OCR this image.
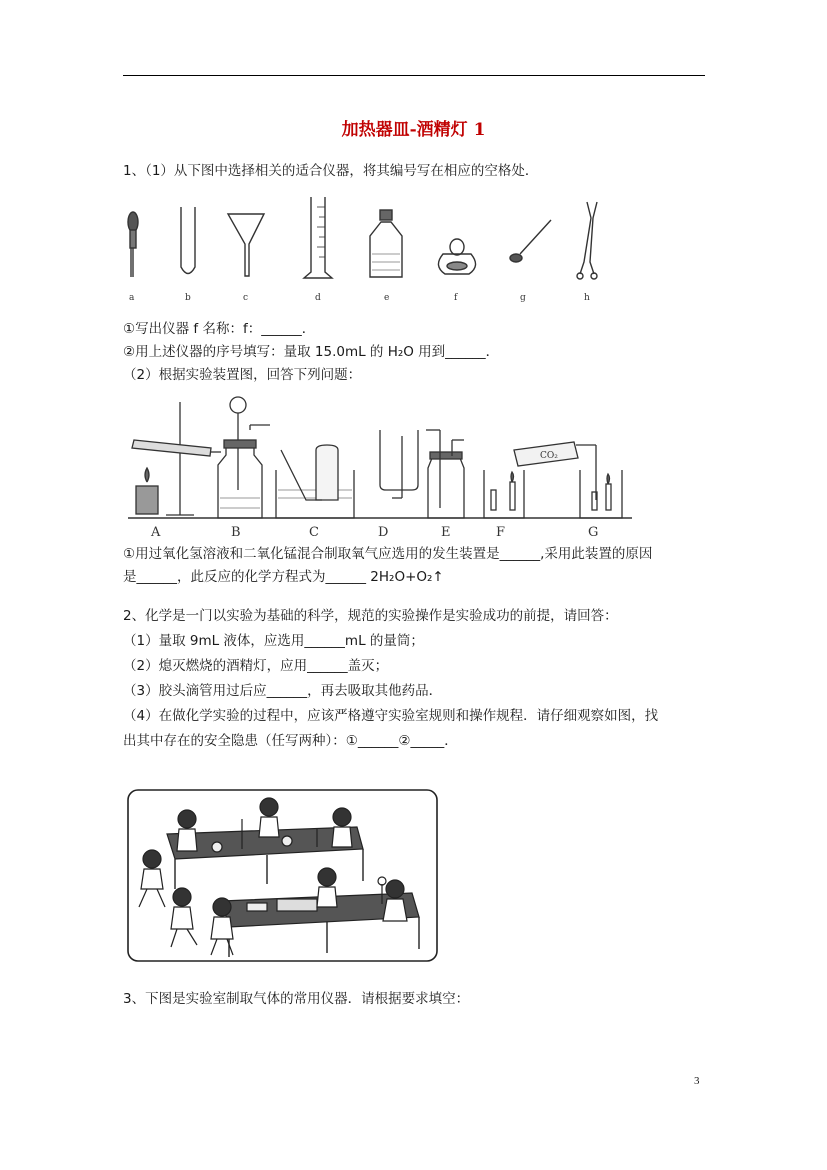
加热器皿-酒精灯 1
1、（1）从下图中选择相关的适合仪器，将其编号写在相应的空格处．
a	b	c	d	e	f	g	h
①写出仪器 f 名称：f：______．
②用上述仪器的序号填写：量取 15.0mL 的 H₂O 用到______．
（2）根据实验装置图，回答下列问题：
CO₂
A	B	C	D	E	F	G
①用过氧化氢溶液和二氧化锰混合制取氧气应选用的发生装置是______,采用此装置的原因
是______，此反应的化学方程式为______ 2H₂O+O₂↑
2、化学是一门以实验为基础的科学，规范的实验操作是实验成功的前提，请回答：
（1）量取 9mL 液体，应选用______mL 的量筒；
（2）熄灭燃烧的酒精灯，应用______盖灭；
（3）胶头滴管用过后应______，再去吸取其他药品．
（4）在做化学实验的过程中，应该严格遵守实验室规则和操作规程．请仔细观察如图，找
出其中存在的安全隐患（任写两种）：①______②_____．
3、下图是实验室制取气体的常用仪器．请根据要求填空：
3
